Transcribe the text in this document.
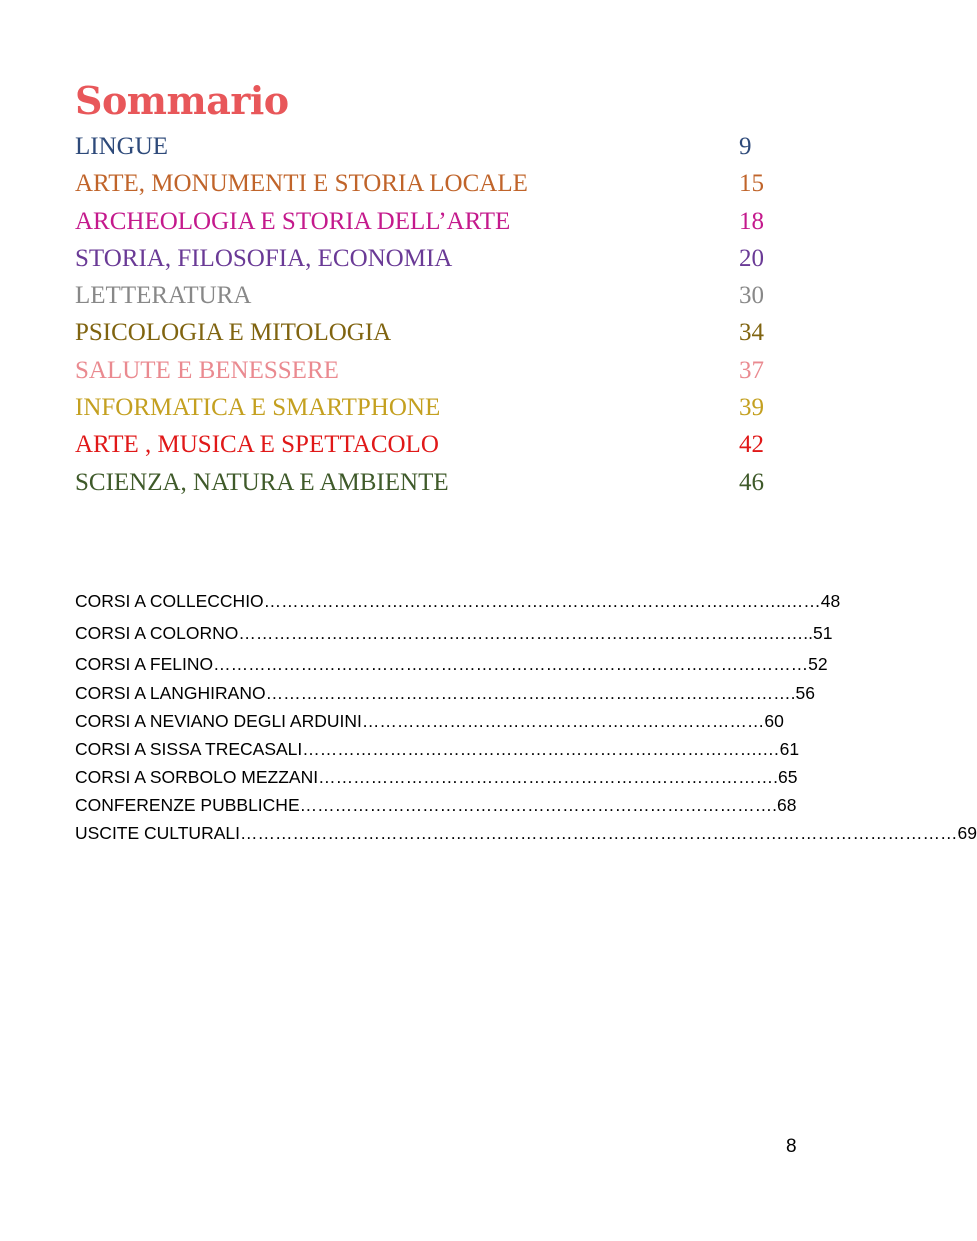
Sommario
LINGUE	9
ARTE, MONUMENTI E STORIA LOCALE	15
ARCHEOLOGIA E STORIA DELL’ARTE	18
STORIA, FILOSOFIA, ECONOMIA	20
LETTERATURA	30
PSICOLOGIA E MITOLOGIA	34
SALUTE E BENESSERE	37
INFORMATICA E SMARTPHONE	39
ARTE , MUSICA E SPETTACOLO	42
SCIENZA, NATURA E AMBIENTE	46
CORSI A COLLECCHIO………………………………………………….…………………………..……48
CORSI A COLORNO……………………………………………………………………………….……..51
CORSI A FELINO…………………………………………………………………………………………52
CORSI A LANGHIRANO……………………………………………………………………………….56
CORSI A NEVIANO DEGLI ARDUINI……………………………………………………………60
CORSI A SISSA TRECASALI…………………………………………………………………….…61
CORSI A SORBOLO MEZZANI…………………………………………………………………….65
CONFERENZE PUBBLICHE……………………………………………………………………….68
USCITE CULTURALI……………………………………………………………………………………………………………69
8
